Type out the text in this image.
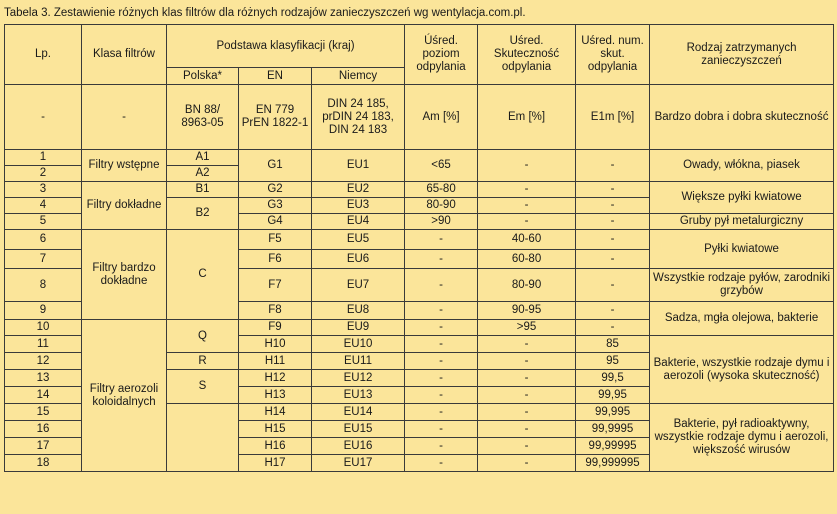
Tabela 3. Zestawienie różnych klas filtrów dla różnych rodzajów zanieczyszczeń wg wentylacja.com.pl.
Lp.	Klasa filtrów	Podstawa klasyfikacji (kraj)			Úśred. poziom odpylania	Uśred. Skuteczność odpylania	Uśred. num. skut. odpylania	Rodzaj zatrzymanych zanieczyszczeń
		Polska*	EN	Niemcy				
-	-	BN 88/ 8963-05	EN 779 PrEN 1822-1	DIN 24 185, prDIN 24 183, DIN 24 183	Am [%]	Em [%]	E1m [%]	Bardzo dobra i dobra skuteczność
1	Filtry wstępne	A1	G1	EU1	<65	-	-	Owady, włókna, piasek
2		A2						
3	Filtry dokładne	B1	G2	EU2	65-80	-	-	Większe pyłki kwiatowe
4		B2	G3	EU3	80-90	-	-	
5			G4	EU4	>90	-	-	Gruby pył metalurgiczny
6	Filtry bardzo dokładne	C	F5	EU5	-	40-60	-	Pyłki kwiatowe
7			F6	EU6	-	60-80	-	
8			F7	EU7	-	80-90	-	Wszystkie rodzaje pyłów, zarodniki grzybów
9			F8	EU8	-	90-95	-	Sadza, mgła olejowa, bakterie
10	Filtry aerozoli koloidalnych	Q	F9	EU9	-	>95	-	
11			H10	EU10	-	-	85	Bakterie, wszystkie rodzaje dymu i aerozoli (wysoka skuteczność)
12		R	H11	EU11	-	-	95	
13		S	H12	EU12	-	-	99,5	
14			H13	EU13	-	-	99,95	
15			H14	EU14	-	-	99,995	Bakterie, pył radioaktywny, wszystkie rodzaje dymu i aerozoli, większość wirusów
16			H15	EU15	-	-	99,9995	
17			H16	EU16	-	-	99,99995	
18			H17	EU17	-	-	99,999995	
